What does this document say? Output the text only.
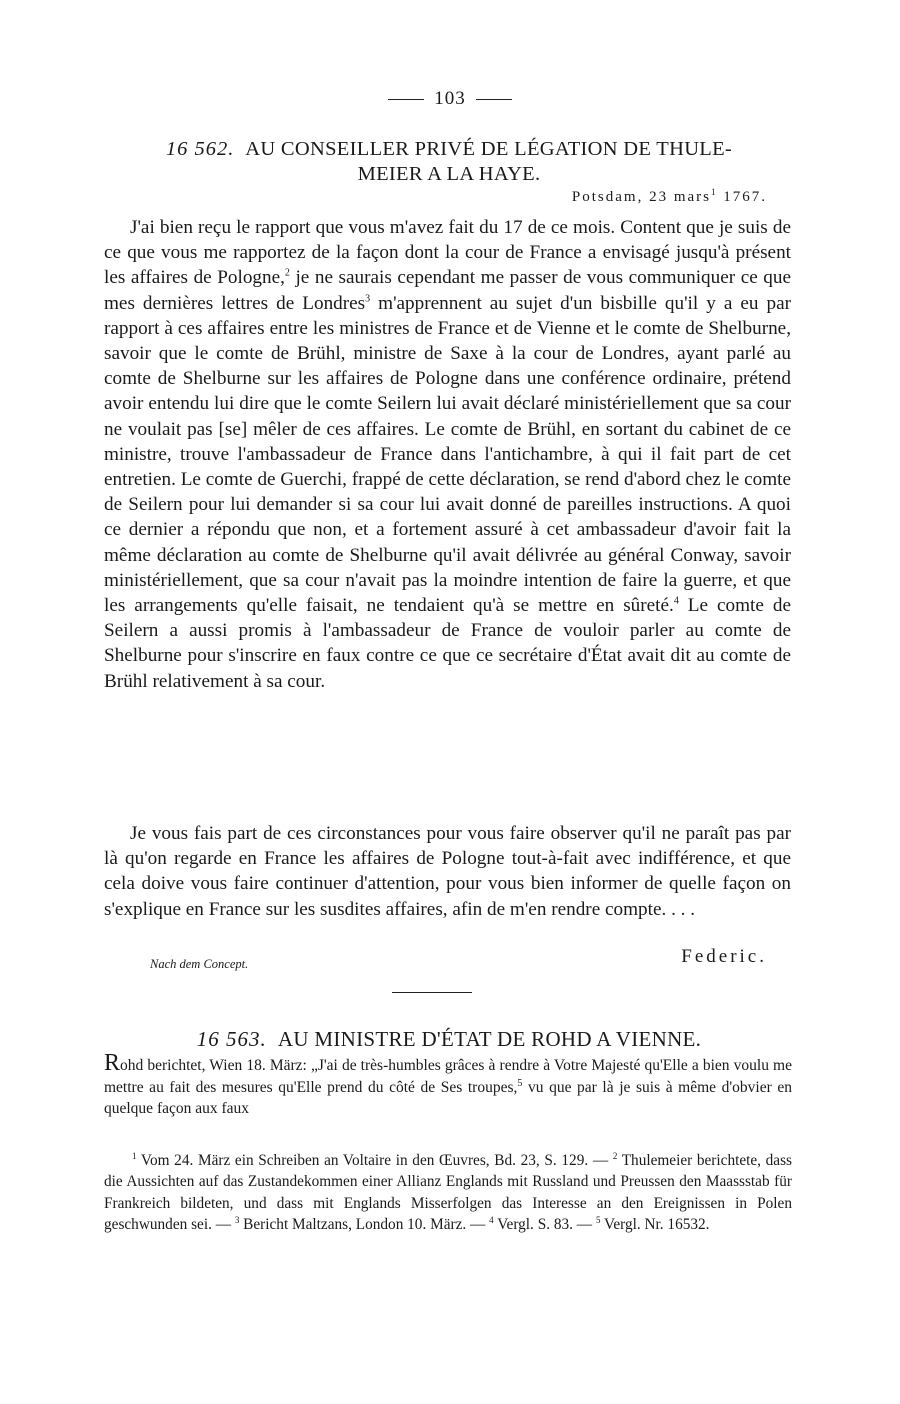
103
16 562. AU CONSEILLER PRIVÉ DE LÉGATION DE THULE-
MEIER A LA HAYE.
Potsdam, 23 mars$^1$ 1767.

J'ai bien reçu le rapport que vous m'avez fait du 17 de ce mois. Content que je suis de ce que vous me rapportez de la façon dont la cour de France a envisagé jusqu'à présent les affaires de Pologne,$^2$ je ne saurais cependant me passer de vous communiquer ce que mes dernières lettres de Londres$^3$ m'apprennent au sujet d'un bisbille qu'il y a eu par rapport à ces affaires entre les ministres de France et de Vienne et le comte de Shelburne, savoir que le comte de Brühl, ministre de Saxe à la cour de Londres, ayant parlé au comte de Shelburne sur les affaires de Pologne dans une conférence ordinaire, prétend avoir entendu lui dire que le comte Seilern lui avait déclaré ministériellement que sa cour ne voulait pas [se] mêler de ces affaires. Le comte de Brühl, en sortant du cabinet de ce ministre, trouve l'ambassadeur de France dans l'antichambre, à qui il fait part de cet entretien. Le comte de Guerchi, frappé de cette déclaration, se rend d'abord chez le comte de Seilern pour lui demander si sa cour lui avait donné de pareilles instructions. A quoi ce dernier a répondu que non, et a fortement assuré à cet ambassadeur d'avoir fait la même déclaration au comte de Shelburne qu'il avait délivrée au général Conway, savoir ministériellement, que sa cour n'avait pas la moindre intention de faire la guerre, et que les arrangements qu'elle faisait, ne tendaient qu'à se mettre en sûreté.$^4$ Le comte de Seilern a aussi promis à l'ambassadeur de France de vouloir parler au comte de Shelburne pour s'inscrire en faux contre ce que ce secrétaire d'État avait dit au comte de Brühl relativement à sa cour.

Je vous fais part de ces circonstances pour vous faire observer qu'il ne paraît pas par là qu'on regarde en France les affaires de Pologne tout-à-fait avec indifférence, et que cela doive vous faire continuer d'attention, pour vous bien informer de quelle façon on s'explique en France sur les susdites affaires, afin de m'en rendre compte. . . .

Nach dem Concept.	Federic.
16 563. AU MINISTRE D'ÉTAT DE ROHD A VIENNE.

Rohd berichtet, Wien 18. März: „J'ai de très-humbles grâces à rendre à Votre Majesté qu'Elle a bien voulu me mettre au fait des mesures qu'Elle prend du côté de Ses troupes,$^5$ vu que par là je suis à même d'obvier en quelque façon aux faux

$^1$ Vom 24. März ein Schreiben an Voltaire in den Œuvres, Bd. 23, S. 129. — $^2$ Thulemeier berichtete, dass die Aussichten auf das Zustandekommen einer Allianz Englands mit Russland und Preussen den Maassstab für Frankreich bildeten, und dass mit Englands Misserfolgen das Interesse an den Ereignissen in Polen geschwunden sei. — $^3$ Bericht Maltzans, London 10. März. — $^4$ Vergl. S. 83. — $^5$ Vergl. Nr. 16532.
